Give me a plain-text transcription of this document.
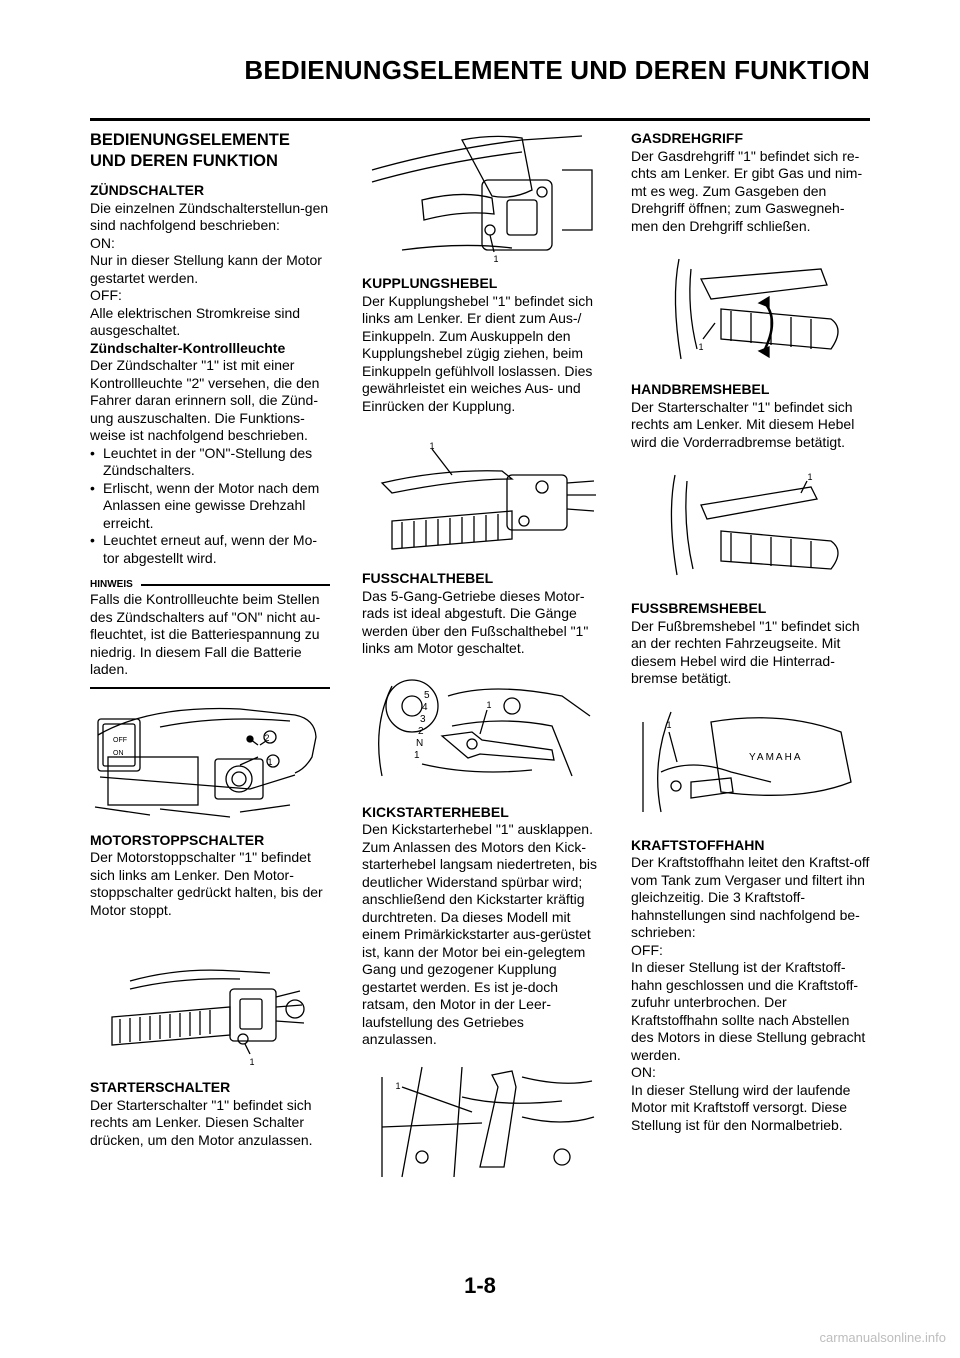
BEDIENUNGSELEMENTE UND DEREN FUNKTION
BEDIENUNGSELEMENTE UND DEREN FUNKTION

ZÜNDSCHALTER

Die einzelnen Zündschalterstellun-gen sind nachfolgend beschrieben:

ON:

Nur in dieser Stellung kann der Motor gestartet werden.

OFF:

Alle elektrischen Stromkreise sind ausgeschaltet.

Zündschalter-Kontrollleuchte

Der Zündschalter "1" ist mit einer Kontrollleuchte "2" versehen, die den Fahrer daran erinnern soll, die Zünd-ung auszuschalten. Die Funktions-weise ist nachfolgend beschrieben.

• Leuchtet in der "ON"-Stellung des Zündschalters.
• Erlischt, wenn der Motor nach dem Anlassen eine gewisse Drehzahl erreicht.
• Leuchtet erneut auf, wenn der Mo-tor abgestellt wird.
HINWEIS

Falls die Kontrollleuchte beim Stellen des Zündschalters auf "ON" nicht au-fleuchtet, ist die Batteriespannung zu niedrig. In diesem Fall die Batterie laden.

OFF
ON
2
1

MOTORSTOPPSCHALTER

Der Motorstoppschalter "1" befindet sich links am Lenker. Den Motor-stoppschalter gedrückt halten, bis der Motor stoppt.

1

STARTERSCHALTER

Der Starterschalter "1" befindet sich rechts am Lenker. Diesen Schalter drücken, um den Motor anzulassen.

1

KUPPLUNGSHEBEL

Der Kupplungshebel "1" befindet sich links am Lenker. Er dient zum Aus-/ Einkuppeln. Zum Auskuppeln den Kupplungshebel zügig ziehen, beim Einkuppeln gefühlvoll loslassen. Dies gewährleistet ein weiches Aus- und Einrücken der Kupplung.

1

FUSSCHALTHEBEL

Das 5-Gang-Getriebe dieses Motor-rads ist ideal abgestuft. Die Gänge werden über den Fußschalthebel "1" links am Motor geschaltet.

5
4
3
2
N
1
1

KICKSTARTERHEBEL

Den Kickstarterhebel "1" ausklappen. Zum Anlassen des Motors den Kick-starterhebel langsam niedertreten, bis deutlicher Widerstand spürbar wird; anschließend den Kickstarter kräftig durchtreten. Da dieses Modell mit einem Primärkickstarter aus-gerüstet ist, kann der Motor bei ein-gelegtem Gang und gezogener Kupplung gestartet werden. Es ist je-doch ratsam, den Motor in der Leer-laufstellung des Getriebes anzulassen.

1

GASDREHGRIFF

Der Gasdrehgriff "1" befindet sich re-chts am Lenker. Er gibt Gas und nim-mt es weg. Zum Gasgeben den Drehgriff öffnen; zum Gaswegneh-men den Drehgriff schließen.

1

HANDBREMSHEBEL

Der Starterschalter "1" befindet sich rechts am Lenker. Mit diesem Hebel wird die Vorderradbremse betätigt.

1

FUSSBREMSHEBEL

Der Fußbremshebel "1" befindet sich an der rechten Fahrzeugseite. Mit diesem Hebel wird die Hinterrad-bremse betätigt.

YAMAHA
1

KRAFTSTOFFHAHN

Der Kraftstoffhahn leitet den Kraftst-off vom Tank zum Vergaser und filtert ihn gleichzeitig. Die 3 Kraftstoff-hahnstellungen sind nachfolgend be-schrieben:

OFF:

In dieser Stellung ist der Kraftstoff-hahn geschlossen und die Kraftstoff-zufuhr unterbrochen. Der Kraftstoffhahn sollte nach Abstellen des Motors in diese Stellung gebracht werden.

ON:

In dieser Stellung wird der laufende Motor mit Kraftstoff versorgt. Diese Stellung ist für den Normalbetrieb.

1-8
carmanualsonline.info
